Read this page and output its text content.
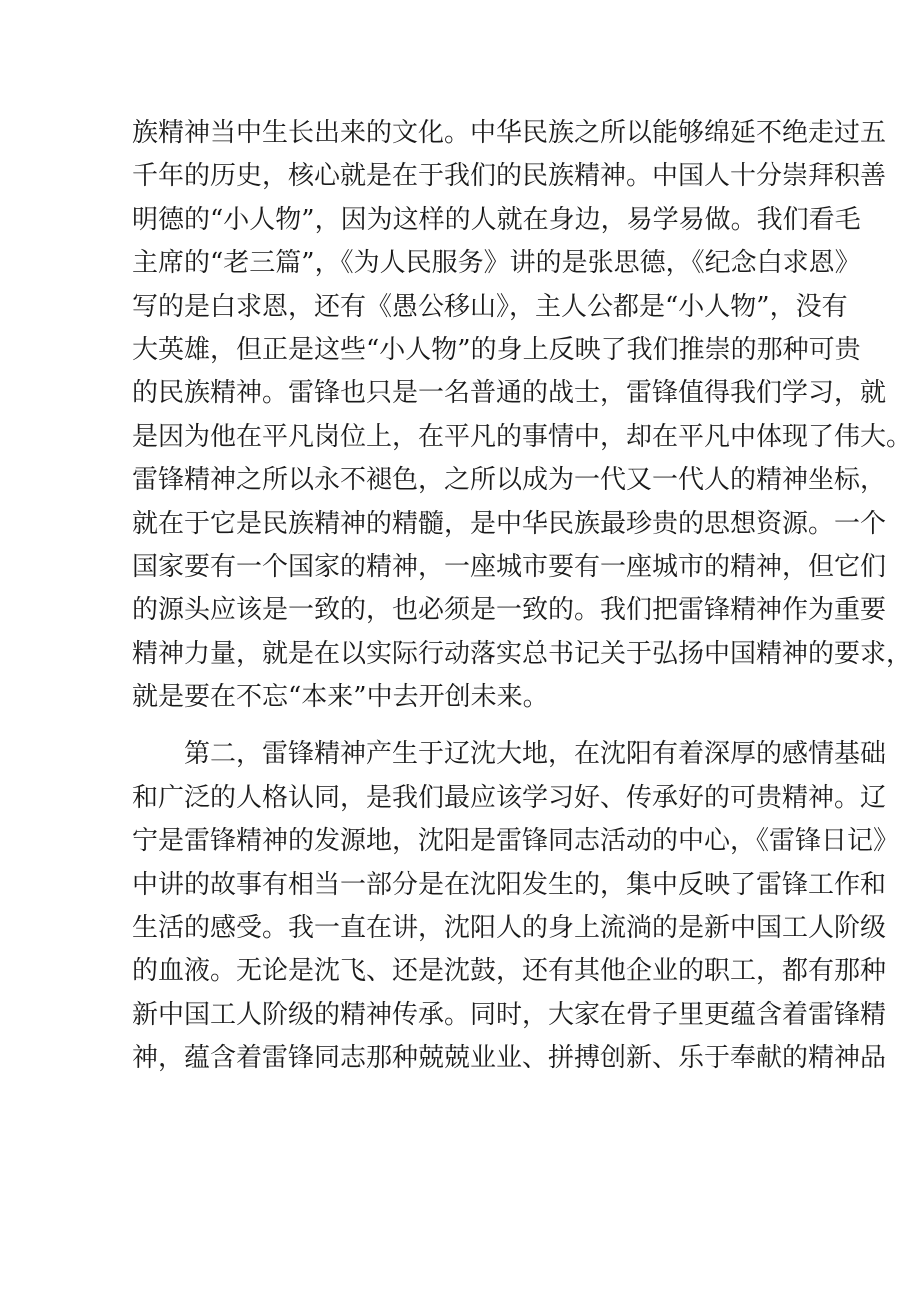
族精神当中生长出来的文化。中华民族之所以能够绵延不绝走过五
千年的历史，核心就是在于我们的民族精神。中国人十分崇拜积善
明德的“小人物”，因为这样的人就在身边，易学易做。我们看毛
主席的“老三篇”，《为人民服务》讲的是张思德，《纪念白求恩》
写的是白求恩，还有《愚公移山》，主人公都是“小人物”，没有
大英雄，但正是这些“小人物”的身上反映了我们推崇的那种可贵
的民族精神。雷锋也只是一名普通的战士，雷锋值得我们学习，就
是因为他在平凡岗位上，在平凡的事情中，却在平凡中体现了伟大。
雷锋精神之所以永不褪色，之所以成为一代又一代人的精神坐标，
就在于它是民族精神的精髓，是中华民族最珍贵的思想资源。一个
国家要有一个国家的精神，一座城市要有一座城市的精神，但它们
的源头应该是一致的，也必须是一致的。我们把雷锋精神作为重要
精神力量，就是在以实际行动落实总书记关于弘扬中国精神的要求，
就是要在不忘“本来”中去开创未来。
第二，雷锋精神产生于辽沈大地，在沈阳有着深厚的感情基础
和广泛的人格认同，是我们最应该学习好、传承好的可贵精神。辽
宁是雷锋精神的发源地，沈阳是雷锋同志活动的中心，《雷锋日记》
中讲的故事有相当一部分是在沈阳发生的，集中反映了雷锋工作和
生活的感受。我一直在讲，沈阳人的身上流淌的是新中国工人阶级
的血液。无论是沈飞、还是沈鼓，还有其他企业的职工，都有那种
新中国工人阶级的精神传承。同时，大家在骨子里更蕴含着雷锋精
神，蕴含着雷锋同志那种兢兢业业、拼搏创新、乐于奉献的精神品
